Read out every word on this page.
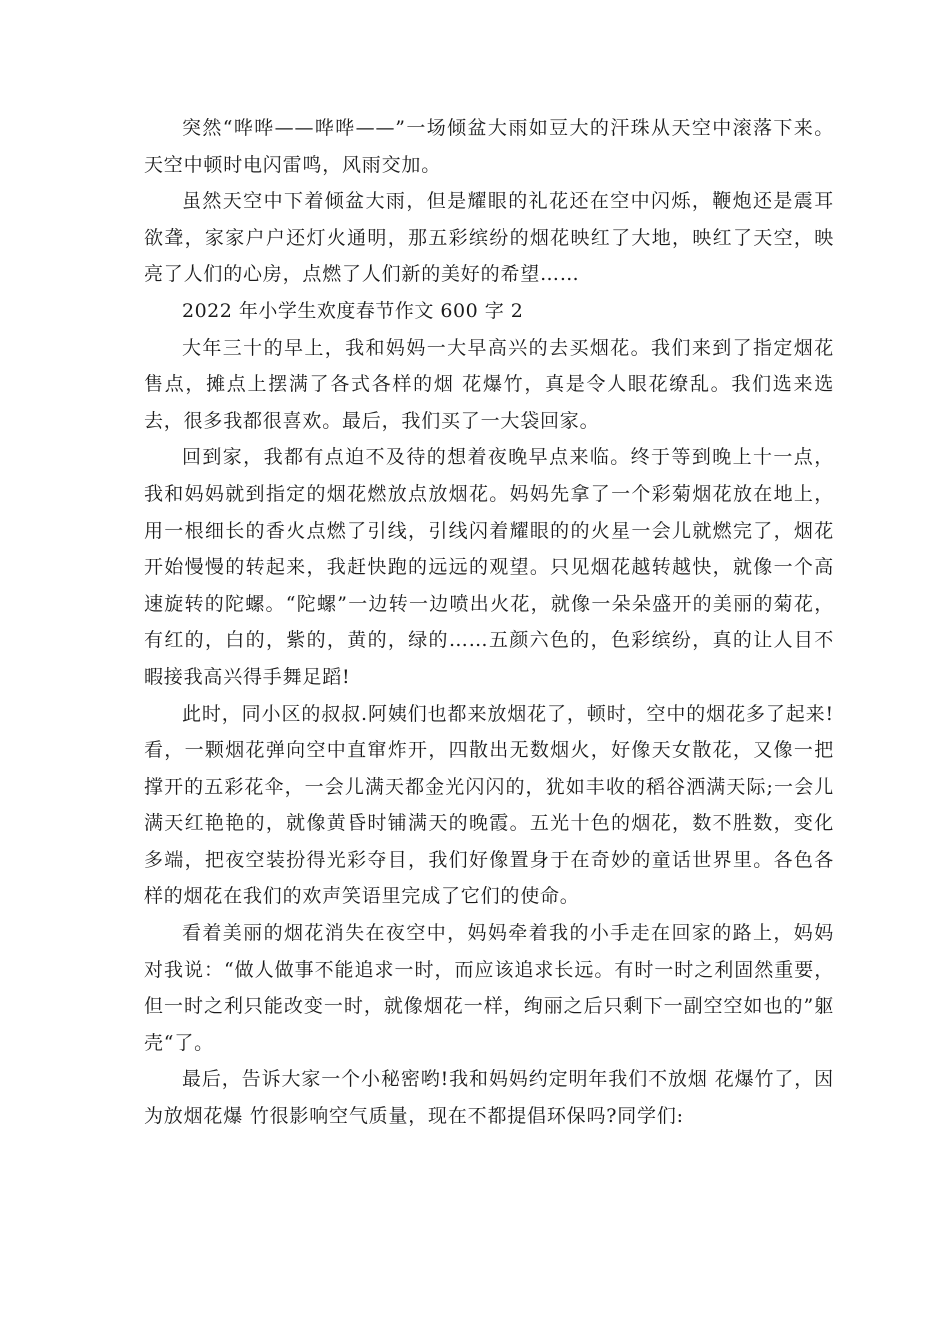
突然“哗哗——哗哗——”一场倾盆大雨如豆大的汗珠从天空中滚落下来。天空中顿时电闪雷鸣，风雨交加。

虽然天空中下着倾盆大雨，但是耀眼的礼花还在空中闪烁，鞭炮还是震耳欲聋，家家户户还灯火通明，那五彩缤纷的烟花映红了大地，映红了天空，映亮了人们的心房，点燃了人们新的美好的希望……

2022 年小学生欢度春节作文 600 字 2

大年三十的早上，我和妈妈一大早高兴的去买烟花。我们来到了指定烟花售点，摊点上摆满了各式各样的烟 花爆竹，真是令人眼花缭乱。我们选来选去，很多我都很喜欢。最后，我们买了一大袋回家。

回到家，我都有点迫不及待的想着夜晚早点来临。终于等到晚上十一点，我和妈妈就到指定的烟花燃放点放烟花。妈妈先拿了一个彩菊烟花放在地上，用一根细长的香火点燃了引线，引线闪着耀眼的的火星一会儿就燃完了，烟花开始慢慢的转起来，我赶快跑的远远的观望。只见烟花越转越快，就像一个高速旋转的陀螺。“陀螺”一边转一边喷出火花，就像一朵朵盛开的美丽的菊花，有红的，白的，紫的，黄的，绿的……五颜六色的，色彩缤纷，真的让人目不暇接我高兴得手舞足蹈!

此时，同小区的叔叔.阿姨们也都来放烟花了，顿时，空中的烟花多了起来!看，一颗烟花弹向空中直窜炸开，四散出无数烟火，好像天女散花，又像一把撑开的五彩花伞，一会儿满天都金光闪闪的，犹如丰收的稻谷洒满天际;一会儿满天红艳艳的，就像黄昏时铺满天的晚霞。五光十色的烟花，数不胜数，变化多端，把夜空装扮得光彩夺目，我们好像置身于在奇妙的童话世界里。各色各样的烟花在我们的欢声笑语里完成了它们的使命。

看着美丽的烟花消失在夜空中，妈妈牵着我的小手走在回家的路上，妈妈对我说：“做人做事不能追求一时，而应该追求长远。有时一时之利固然重要，但一时之利只能改变一时，就像烟花一样，绚丽之后只剩下一副空空如也的”躯壳“了。

最后，告诉大家一个小秘密哟!我和妈妈约定明年我们不放烟 花爆竹了，因为放烟花爆 竹很影响空气质量，现在不都提倡环保吗?同学们:
